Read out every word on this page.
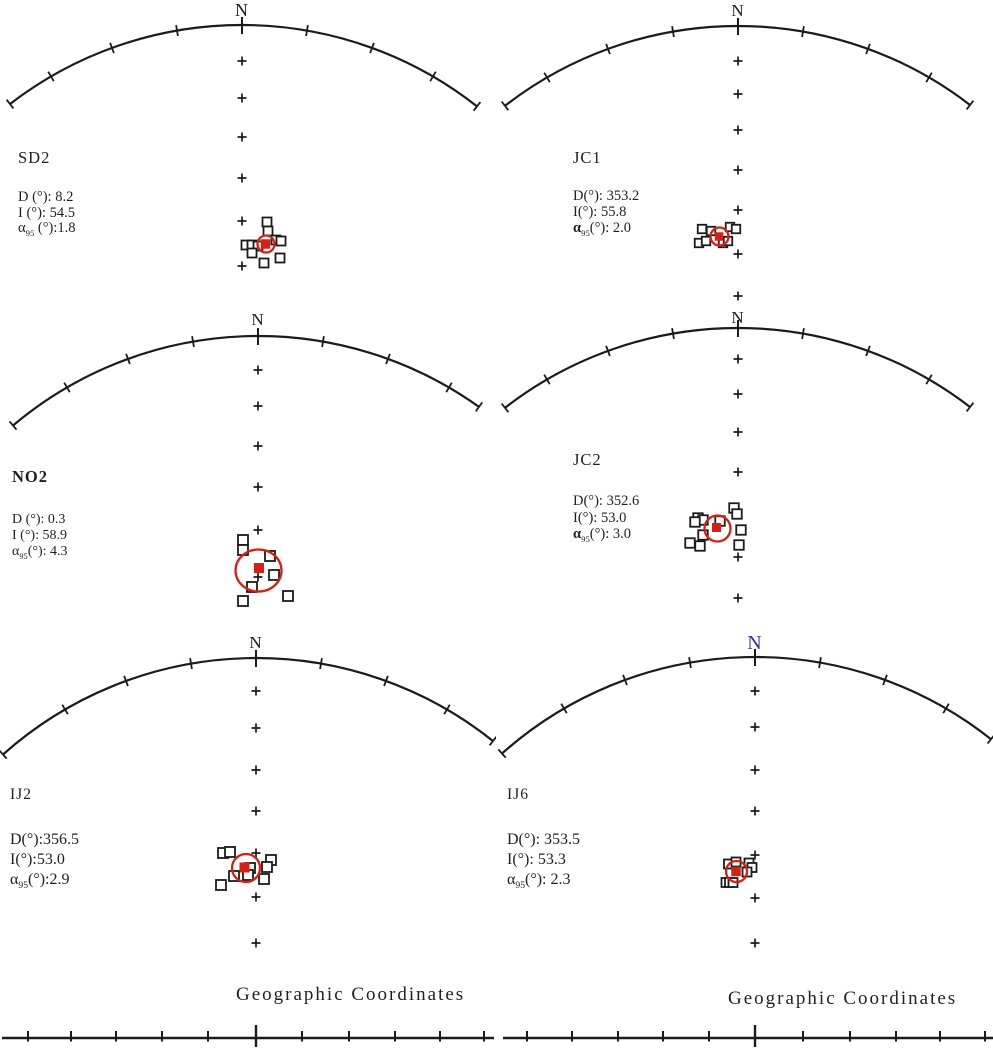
N
SD2
D (°): 8.2
I (°): 54.5
$\alpha_{95}$ (°):1.8
N
JC1
D(°): 353.2
I(°): 55.8
$\alpha_{95}(^\circ)$: 2.0
N
NO2
D (°): 0.3
I (°): 58.9
$\alpha_{95}(^\circ)$: 4.3
N
JC2
D(°): 352.6
I(°): 53.0
$\alpha_{95}(^\circ)$: 3.0
N
IJ2
D(°):356.5
I(°):53.0
$\alpha_{95}(^\circ):2.9$
Geographic Coordinates
N
IJ6
D(°): 353.5
I(°): 53.3
$\alpha_{95}(^\circ)$: 2.3
Geographic Coordinates
